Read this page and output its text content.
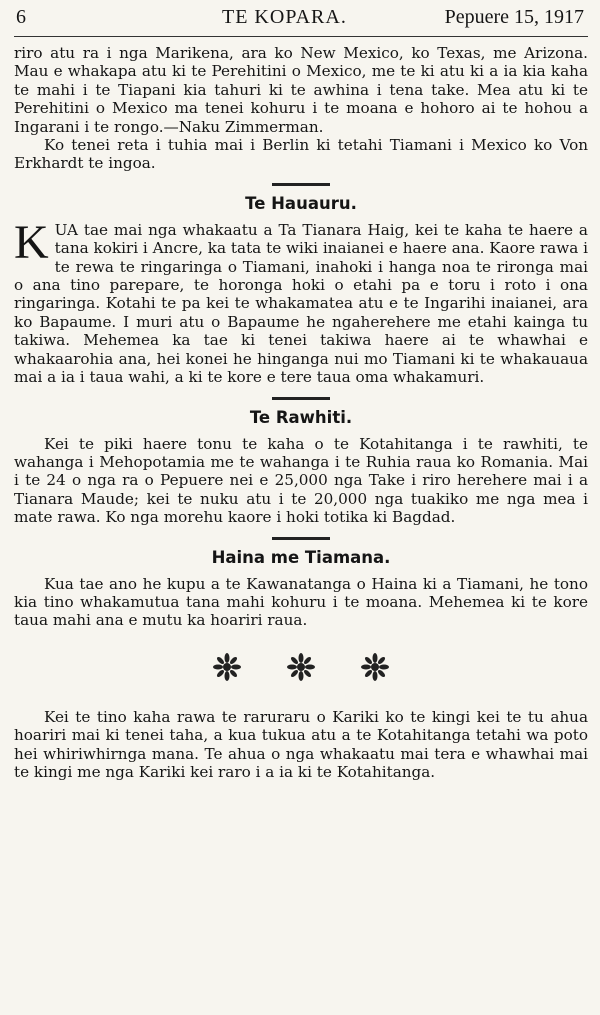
6	TE KOPARA.	Pepuere 15, 1917

riro atu ra i nga Marikena, ara ko New Mexico, ko Texas, me Arizona. Mau e whakapa atu ki te Perehitini o Mexico, me te ki atu ki a ia kia kaha te mahi i te Tiapani kia tahuri ki te awhina i tena take. Mea atu ki te Perehitini o Mexico ma tenei kohuru i te moana e hohoro ai te hohou a Ingarani i te rongo.—Naku Zimmerman.

Ko tenei reta i tuhia mai i Berlin ki tetahi Tiamani i Mexico ko Von Erkhardt te ingoa.

Te Hauauru.

KUA tae mai nga whakaatu a Ta Tianara Haig, kei te kaha te haere a tana kokiri i Ancre, ka tata te wiki inaianei e haere ana. Kaore rawa i te rewa te ringaringa o Tiamani, inahoki i hanga noa te rironga mai o ana tino parepare, te horonga hoki o etahi pa e toru i roto i ona ringaringa. Kotahi te pa kei te whakamatea atu e te Ingarihi inaianei, ara ko Bapaume. I muri atu o Bapaume he ngaherehere me etahi kainga tu takiwa. Mehemea ka tae ki tenei takiwa haere ai te whawhai e whakaarohia ana, hei konei he hinganga nui mo Tiamani ki te whakauaua mai a ia i taua wahi, a ki te kore e tere taua oma whakamuri.

Te Rawhiti.

Kei te piki haere tonu te kaha o te Kotahitanga i te rawhiti, te wahanga i Mehopotamia me te wahanga i te Ruhia raua ko Romania. Mai i te 24 o nga ra o Pepuere nei e 25,000 nga Take i riro herehere mai i a Tianara Maude; kei te nuku atu i te 20,000 nga tuakiko me nga mea i mate rawa. Ko nga morehu kaore i hoki totika ki Bagdad.

Haina me Tiamana.

Kua tae ano he kupu a te Kawanatanga o Haina ki a Tiamani, he tono kia tino whakamutua tana mahi kohuru i te moana. Mehemea ki te kore taua mahi ana e mutu ka hoariri raua.

Kei te tino kaha rawa te raruraru o Kariki ko te kingi kei te tu ahua hoariri mai ki tenei taha, a kua tukua atu a te Kotahitanga tetahi wa poto hei whiriwhirnga mana. Te ahua o nga whakaatu mai tera e whawhai mai te kingi me nga Kariki kei raro i a ia ki te Kotahitanga.
